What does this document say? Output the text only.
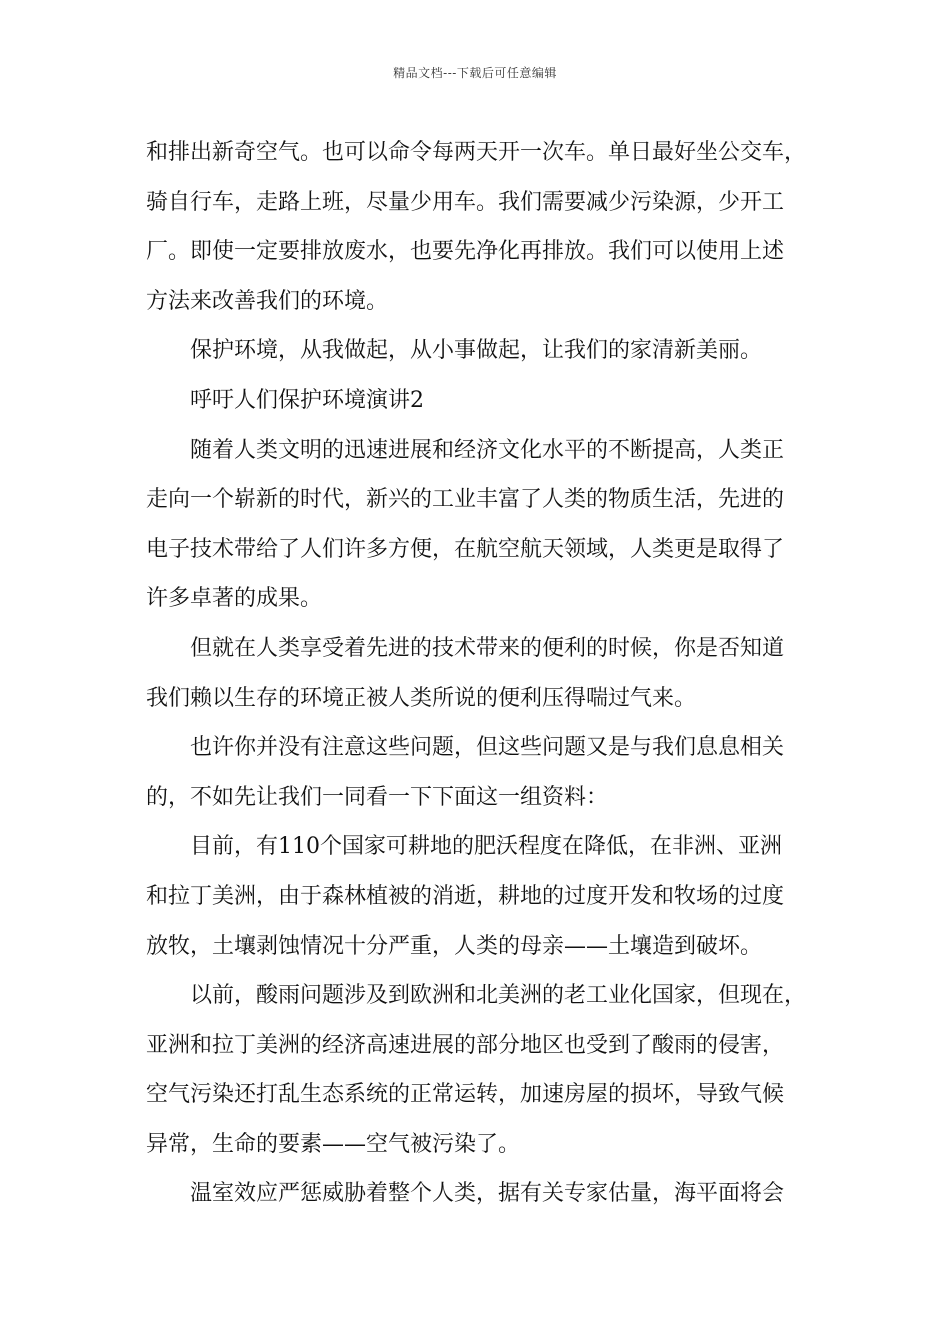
精品文档---下载后可任意编辑
和排出新奇空气。也可以命令每两天开一次车。单日最好坐公交车，
骑自行车，走路上班，尽量少用车。我们需要减少污染源，少开工
厂。即使一定要排放废水，也要先净化再排放。我们可以使用上述
方法来改善我们的环境。
保护环境，从我做起，从小事做起，让我们的家清新美丽。
呼吁人们保护环境演讲2
随着人类文明的迅速进展和经济文化水平的不断提高，人类正
走向一个崭新的时代，新兴的工业丰富了人类的物质生活，先进的
电子技术带给了人们许多方便，在航空航天领域，人类更是取得了
许多卓著的成果。
但就在人类享受着先进的技术带来的便利的时候，你是否知道
我们赖以生存的环境正被人类所说的便利压得喘过气来。
也许你并没有注意这些问题，但这些问题又是与我们息息相关
的，不如先让我们一同看一下下面这一组资料：
目前，有110个国家可耕地的肥沃程度在降低，在非洲、亚洲
和拉丁美洲，由于森林植被的消逝，耕地的过度开发和牧场的过度
放牧，土壤剥蚀情况十分严重，人类的母亲——土壤造到破坏。
以前，酸雨问题涉及到欧洲和北美洲的老工业化国家，但现在，
亚洲和拉丁美洲的经济高速进展的部分地区也受到了酸雨的侵害，
空气污染还打乱生态系统的正常运转，加速房屋的损坏，导致气候
异常，生命的要素——空气被污染了。
温室效应严惩威胁着整个人类，据有关专家估量，海平面将会
